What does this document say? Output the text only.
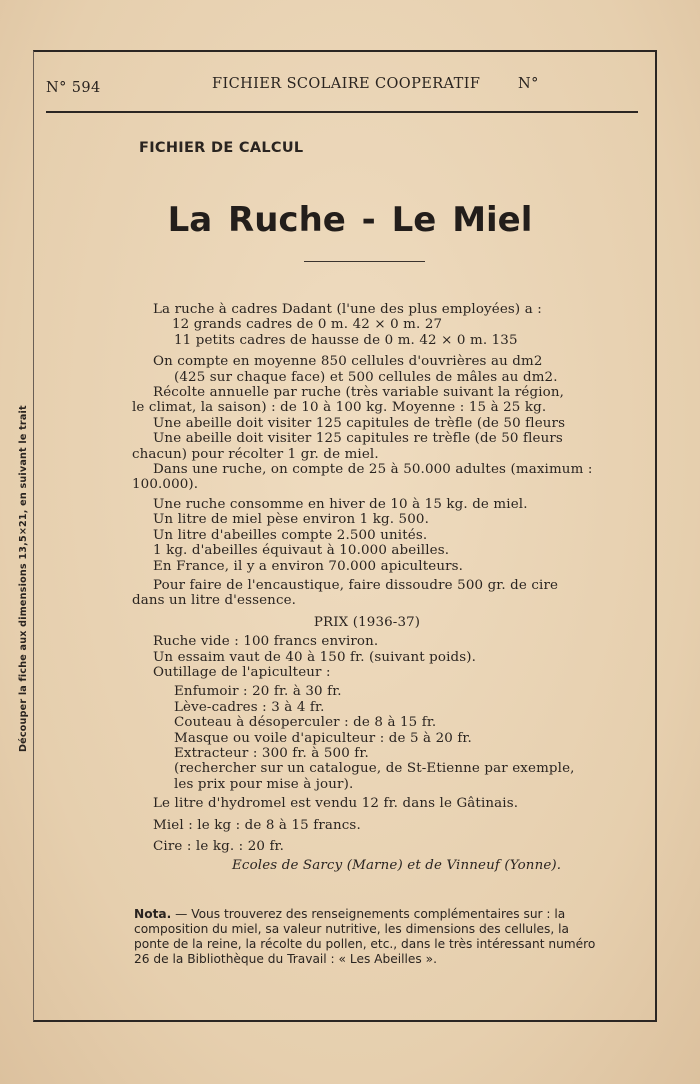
N° 594	FICHIER SCOLAIRE COOPERATIF	N°
FICHIER DE CALCUL
La Ruche - Le Miel

La ruche à cadres Dadant (l'une des plus employées) a :

12 grands cadres de 0 m. 42 × 0 m. 27

11 petits cadres de hausse de 0 m. 42 × 0 m. 135

On compte en moyenne 850 cellules d'ouvrières au dm2

(425 sur chaque face) et 500 cellules de mâles au dm2.

Récolte annuelle par ruche (très variable suivant la région,

le climat, la saison) : de 10 à 100 kg. Moyenne : 15 à 25 kg.

Une abeille doit visiter 125 capitules de trèfle (de 50 fleurs

Une abeille doit visiter 125 capitules re trèfle (de 50 fleurs

chacun) pour récolter 1 gr. de miel.

Dans une ruche, on compte de 25 à 50.000 adultes (maximum :

100.000).

Une ruche consomme en hiver de 10 à 15 kg. de miel.

Un litre de miel pèse environ 1 kg. 500.

Un litre d'abeilles compte 2.500 unités.

1 kg. d'abeilles équivaut à 10.000 abeilles.

En France, il y a environ 70.000 apiculteurs.

Pour faire de l'encaustique, faire dissoudre 500 gr. de cire

dans un litre d'essence.

PRIX (1936-37)

Ruche vide : 100 francs environ.

Un essaim vaut de 40 à 150 fr. (suivant poids).

Outillage de l'apiculteur :

Enfumoir : 20 fr. à 30 fr.

Lève-cadres : 3 à 4 fr.

Couteau à désoperculer : de 8 à 15 fr.

Masque ou voile d'apiculteur : de 5 à 20 fr.

Extracteur : 300 fr. à 500 fr.

(rechercher sur un catalogue, de St-Etienne par exemple,

les prix pour mise à jour).

Le litre d'hydromel est vendu 12 fr. dans le Gâtinais.

Miel : le kg : de 8 à 15 francs.

Cire : le kg. : 20 fr.

Ecoles de Sarcy (Marne) et de Vinneuf (Yonne).

Nota. — Vous trouverez des renseignements complémentaires sur : la composition du miel, sa valeur nutritive, les dimensions des cellules, la ponte de la reine, la récolte du pollen, etc., dans le très intéressant numéro 26 de la Bibliothèque du Travail : « Les Abeilles ».
Découper la fiche aux dimensions 13,5×21, en suivant le trait
